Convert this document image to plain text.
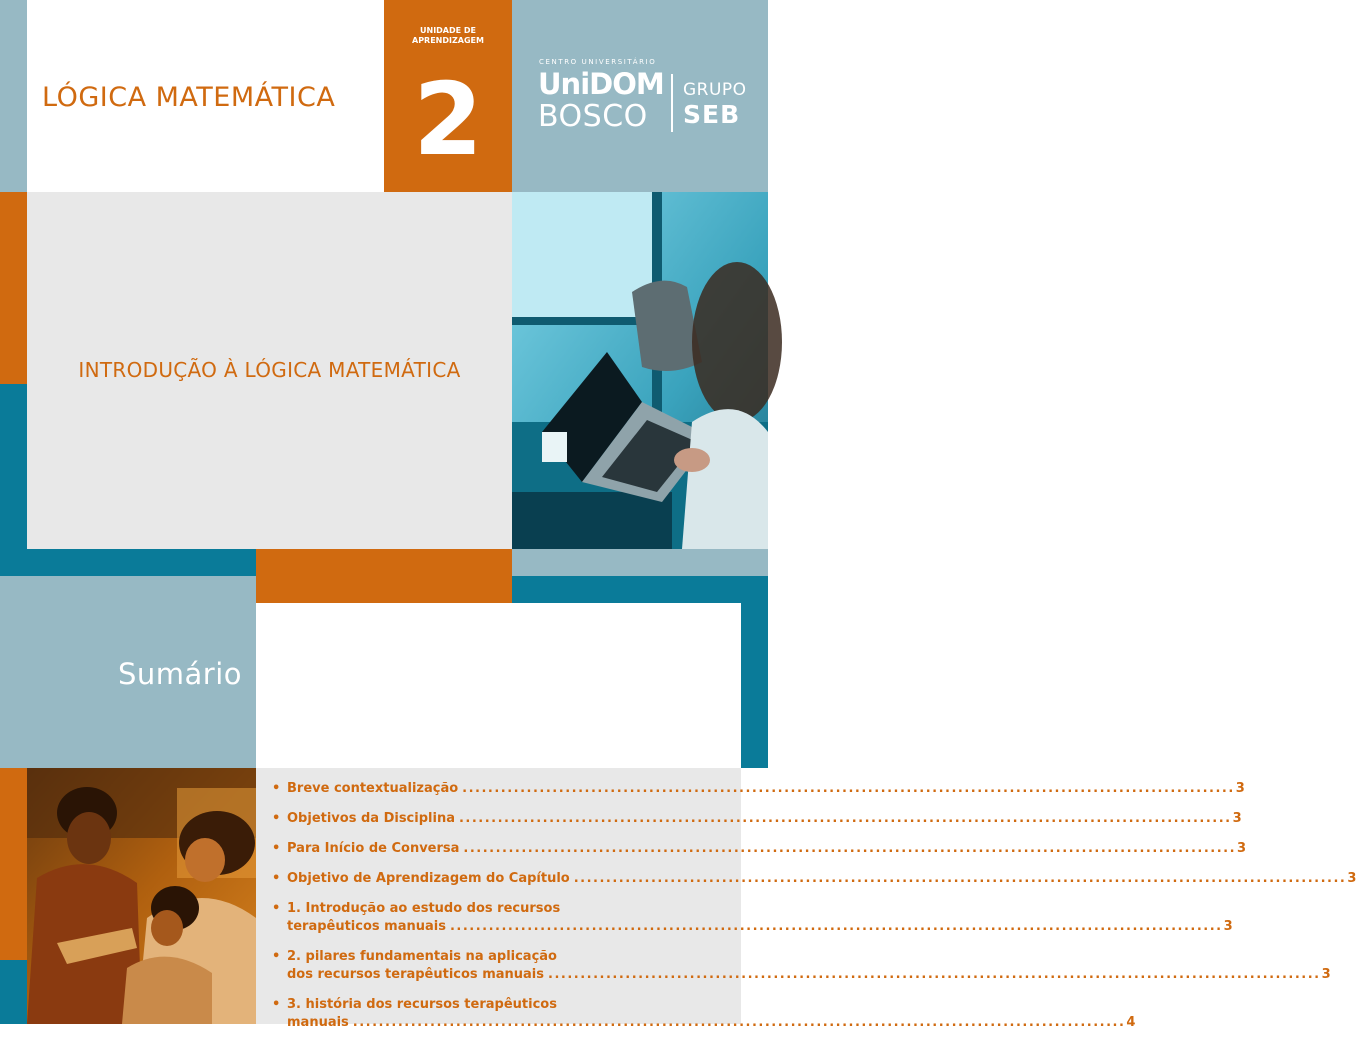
LÓGICA MATEMÁTICA
UNIDADE DE APRENDIZAGEM
2	CENTRO UNIVERSITÁRIO
UniDOM
BOSCO
GRUPO
SEB
INTRODUÇÃO À LÓGICA MATEMÁTICA
Sumário
• Breve contextualização ........................................................................................................................ 3
• Objetivos da Disciplina ........................................................................................................................ 3
• Para Início de Conversa ........................................................................................................................ 3
• Objetivo de Aprendizagem do Capítulo ........................................................................................................................ 3
• 1. Introdução ao estudo dos recursos
terapêuticos manuais ........................................................................................................................ 3
• 2. pilares fundamentais na aplicação
dos recursos terapêuticos manuais ........................................................................................................................ 3
• 3. história dos recursos terapêuticos
manuais ........................................................................................................................ 4
